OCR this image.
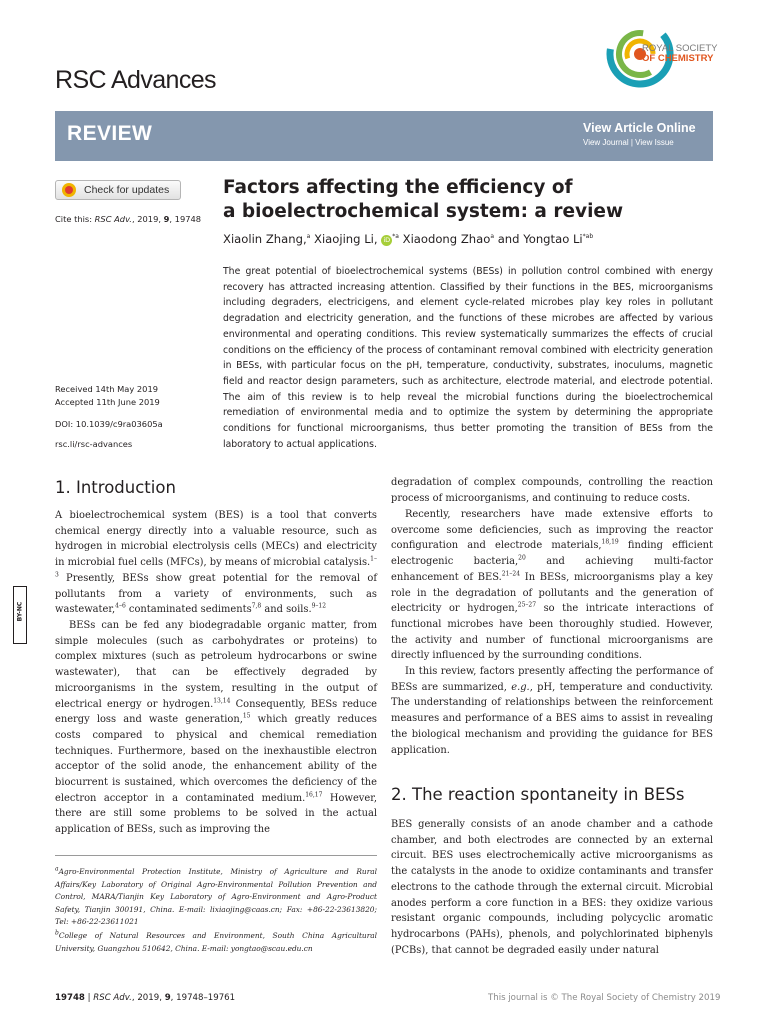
RSC Advances
ROYAL SOCIETY
OF CHEMISTRY
REVIEW	View Article Online
View Journal | View Issue
Check for updates
Cite this: RSC Adv., 2019, 9, 19748
Received 14th May 2019
Accepted 11th June 2019
DOI: 10.1039/c9ra03605a
rsc.li/rsc-advances
Factors affecting the efficiency of
a bioelectrochemical system: a review
Xiaolin Zhang,$^a$ Xiaojing Li, iD $^{*a}$ Xiaodong Zhao$^a$ and Yongtao $Li^{*ab}$
The great potential of bioelectrochemical systems (BESs) in pollution control combined with energy recovery has attracted increasing attention. Classified by their functions in the BES, microorganisms including degraders, electricigens, and element cycle-related microbes play key roles in pollutant degradation and electricity generation, and the functions of these microbes are affected by various environmental and operating conditions. This review systematically summarizes the effects of crucial conditions on the efficiency of the process of contaminant removal combined with electricity generation in BESs, with particular focus on the pH, temperature, conductivity, substrates, inoculums, magnetic field and reactor design parameters, such as architecture, electrode material, and electrode potential. The aim of this review is to help reveal the microbial functions during the bioelectrochemical remediation of environmental media and to optimize the system by determining the appropriate conditions for functional microorganisms, thus better promoting the transition of BESs from the laboratory to actual applications.
1. Introduction
A bioelectrochemical system (BES) is a tool that converts chemical energy directly into a valuable resource, such as hydrogen in microbial electrolysis cells (MECs) and electricity in microbial fuel cells (MFCs), by means of microbial catalysis.$^{1-3}$ Presently, BESs show great potential for the removal of pollutants from a variety of environments, such as wastewater,$^{4-6}$ contaminated sediments$^{7,8}$ and soils.$^{9-12}$
BESs can be fed any biodegradable organic matter, from simple molecules (such as carbohydrates or proteins) to complex mixtures (such as petroleum hydrocarbons or swine wastewater), that can be effectively degraded by microorganisms in the system, resulting in the output of electrical energy or hydrogen.$^{13,14}$ Consequently, BESs reduce energy loss and waste generation,$^{15}$ which greatly reduces costs compared to physical and chemical remediation techniques. Furthermore, based on the inexhaustible electron acceptor of the solid anode, the enhancement ability of the biocurrent is sustained, which overcomes the deficiency of the electron acceptor in a contaminated medium.$^{16,17}$ However, there are still some problems to be solved in the actual application of BESs, such as improving the
BY-NC
$^a$Agro-Environmental Protection Institute, Ministry of Agriculture and Rural Affairs/Key Laboratory of Original Agro-Environmental Pollution Prevention and Control, MARA/Tianjin Key Laboratory of Agro-Environment and Agro-Product Safety, Tianjin 300191, China. E-mail: lixiaojing@caas.cn; Fax: +86-22-23613820; Tel: +86-22-23611021
$^b$College of Natural Resources and Environment, South China Agricultural University, Guangzhou 510642, China. E-mail: yongtao@scau.edu.cn
degradation of complex compounds, controlling the reaction process of microorganisms, and continuing to reduce costs.
Recently, researchers have made extensive efforts to overcome some deficiencies, such as improving the reactor configuration and electrode materials,$^{18,19}$ finding efficient electrogenic bacteria,$^{20}$ and achieving multi-factor enhancement of BES.$^{21-24}$ In BESs, microorganisms play a key role in the degradation of pollutants and the generation of electricity or hydrogen,$^{25-27}$ so the intricate interactions of functional microbes have been thoroughly studied. However, the activity and number of functional microorganisms are directly influenced by the surrounding conditions.
In this review, factors presently affecting the performance of BESs are summarized, e.g., pH, temperature and conductivity. The understanding of relationships between the reinforcement measures and performance of a BES aims to assist in revealing the biological mechanism and providing the guidance for BES application.
2. The reaction spontaneity in BESs
BES generally consists of an anode chamber and a cathode chamber, and both electrodes are connected by an external circuit. BES uses electrochemically active microorganisms as the catalysts in the anode to oxidize contaminants and transfer electrons to the cathode through the external circuit. Microbial anodes perform a core function in a BES: they oxidize various resistant organic compounds, including polycyclic aromatic hydrocarbons (PAHs), phenols, and polychlorinated biphenyls (PCBs), that cannot be degraded easily under natural
19748 | RSC Adv., 2019, 9, 19748–19761	This journal is © The Royal Society of Chemistry 2019
